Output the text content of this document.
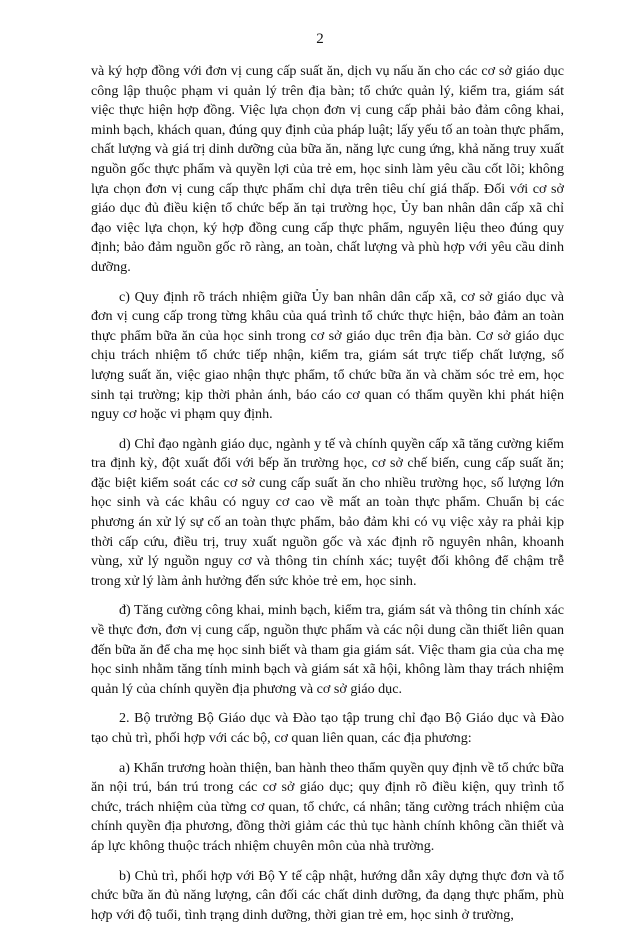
2

và ký hợp đồng với đơn vị cung cấp suất ăn, dịch vụ nấu ăn cho các cơ sở giáo dục công lập thuộc phạm vi quản lý trên địa bàn; tổ chức quản lý, kiểm tra, giám sát việc thực hiện hợp đồng. Việc lựa chọn đơn vị cung cấp phải bảo đảm công khai, minh bạch, khách quan, đúng quy định của pháp luật; lấy yếu tố an toàn thực phẩm, chất lượng và giá trị dinh dưỡng của bữa ăn, năng lực cung ứng, khả năng truy xuất nguồn gốc thực phẩm và quyền lợi của trẻ em, học sinh làm yêu cầu cốt lõi; không lựa chọn đơn vị cung cấp thực phẩm chỉ dựa trên tiêu chí giá thấp. Đối với cơ sở giáo dục đủ điều kiện tổ chức bếp ăn tại trường học, Ủy ban nhân dân cấp xã chỉ đạo việc lựa chọn, ký hợp đồng cung cấp thực phẩm, nguyên liệu theo đúng quy định; bảo đảm nguồn gốc rõ ràng, an toàn, chất lượng và phù hợp với yêu cầu dinh dưỡng.

c) Quy định rõ trách nhiệm giữa Ủy ban nhân dân cấp xã, cơ sở giáo dục và đơn vị cung cấp trong từng khâu của quá trình tổ chức thực hiện, bảo đảm an toàn thực phẩm bữa ăn của học sinh trong cơ sở giáo dục trên địa bàn. Cơ sở giáo dục chịu trách nhiệm tổ chức tiếp nhận, kiểm tra, giám sát trực tiếp chất lượng, số lượng suất ăn, việc giao nhận thực phẩm, tổ chức bữa ăn và chăm sóc trẻ em, học sinh tại trường; kịp thời phản ánh, báo cáo cơ quan có thẩm quyền khi phát hiện nguy cơ hoặc vi phạm quy định.

d) Chỉ đạo ngành giáo dục, ngành y tế và chính quyền cấp xã tăng cường kiểm tra định kỳ, đột xuất đối với bếp ăn trường học, cơ sở chế biến, cung cấp suất ăn; đặc biệt kiểm soát các cơ sở cung cấp suất ăn cho nhiều trường học, số lượng lớn học sinh và các khâu có nguy cơ cao về mất an toàn thực phẩm. Chuẩn bị các phương án xử lý sự cố an toàn thực phẩm, bảo đảm khi có vụ việc xảy ra phải kịp thời cấp cứu, điều trị, truy xuất nguồn gốc và xác định rõ nguyên nhân, khoanh vùng, xử lý nguồn nguy cơ và thông tin chính xác; tuyệt đối không để chậm trễ trong xử lý làm ảnh hưởng đến sức khỏe trẻ em, học sinh.

đ) Tăng cường công khai, minh bạch, kiểm tra, giám sát và thông tin chính xác về thực đơn, đơn vị cung cấp, nguồn thực phẩm và các nội dung cần thiết liên quan đến bữa ăn để cha mẹ học sinh biết và tham gia giám sát. Việc tham gia của cha mẹ học sinh nhằm tăng tính minh bạch và giám sát xã hội, không làm thay trách nhiệm quản lý của chính quyền địa phương và cơ sở giáo dục.

2. Bộ trưởng Bộ Giáo dục và Đào tạo tập trung chỉ đạo Bộ Giáo dục và Đào tạo chủ trì, phối hợp với các bộ, cơ quan liên quan, các địa phương:

a) Khẩn trương hoàn thiện, ban hành theo thẩm quyền quy định về tổ chức bữa ăn nội trú, bán trú trong các cơ sở giáo dục; quy định rõ điều kiện, quy trình tổ chức, trách nhiệm của từng cơ quan, tổ chức, cá nhân; tăng cường trách nhiệm của chính quyền địa phương, đồng thời giảm các thủ tục hành chính không cần thiết và áp lực không thuộc trách nhiệm chuyên môn của nhà trường.

b) Chủ trì, phối hợp với Bộ Y tế cập nhật, hướng dẫn xây dựng thực đơn và tổ chức bữa ăn đủ năng lượng, cân đối các chất dinh dưỡng, đa dạng thực phẩm, phù hợp với độ tuổi, tình trạng dinh dưỡng, thời gian trẻ em, học sinh ở trường,
